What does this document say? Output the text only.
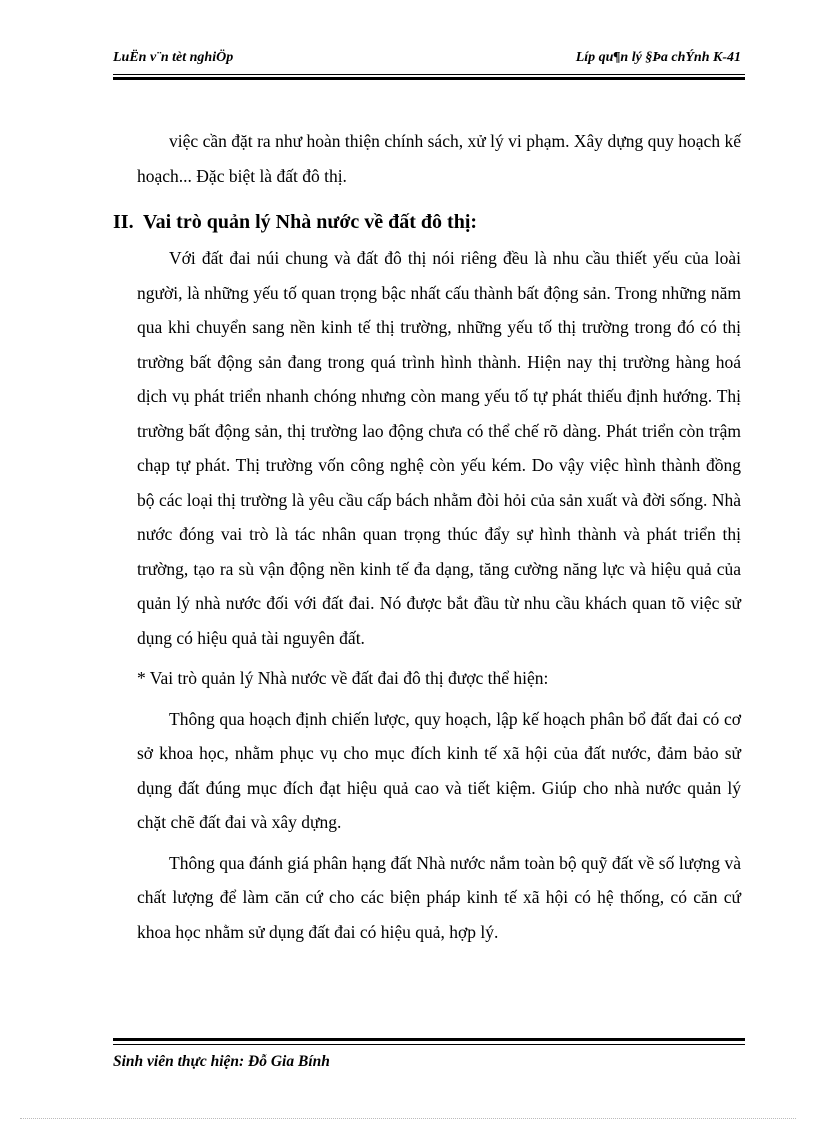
LuËn v¨n tèt nghiÖp	Líp qu¶n lý §Þa chÝnh K-41

việc cần đặt ra như hoàn thiện chính sách, xử lý vi phạm. Xây dựng quy hoạch kế hoạch... Đặc biệt là đất đô thị.

II. Vai trò quản lý Nhà nước về đất đô thị:

Với đất đai núi chung và đất đô thị nói riêng đều là nhu cầu thiết yếu của loài người, là những yếu tố quan trọng bậc nhất cấu thành bất động sản. Trong những năm qua khi chuyển sang nền kinh tế thị trường, những yếu tố thị trường trong đó có thị trường bất động sản đang trong quá trình hình thành. Hiện nay thị trường hàng hoá dịch vụ phát triển nhanh chóng nhưng còn mang yếu tố tự phát thiếu định hướng. Thị trường bất động sản, thị trường lao động chưa có thể chế rõ dàng. Phát triển còn trậm chạp tự phát. Thị trường vốn công nghệ còn yếu kém. Do vậy việc hình thành đồng bộ các loại thị trường là yêu cầu cấp bách nhằm đòi hỏi của sản xuất và đời sống. Nhà nước đóng vai trò là tác nhân quan trọng thúc đẩy sự hình thành và phát triển thị trường, tạo ra sù vận động nền kinh tế đa dạng, tăng cường năng lực và hiệu quả của quản lý nhà nước đối với đất đai. Nó được bắt đầu từ nhu cầu khách quan tõ việc sử dụng có hiệu quả tài nguyên đất.

* Vai trò quản lý Nhà nước về đất đai đô thị được thể hiện:

Thông qua hoạch định chiến lược, quy hoạch, lập kế hoạch phân bổ đất đai có cơ sở khoa học, nhằm phục vụ cho mục đích kinh tế xã hội của đất nước, đảm bảo sử dụng đất đúng mục đích đạt hiệu quả cao và tiết kiệm. Giúp cho nhà nước quản lý chặt chẽ đất đai và xây dựng.

Thông qua đánh giá phân hạng đất Nhà nước nắm toàn bộ quỹ đất về số lượng và chất lượng để làm căn cứ cho các biện pháp kinh tế xã hội có hệ thống, có căn cứ khoa học nhằm sử dụng đất đai có hiệu quả, hợp lý.

Sinh viên thực hiện: Đỗ Gia Bính
